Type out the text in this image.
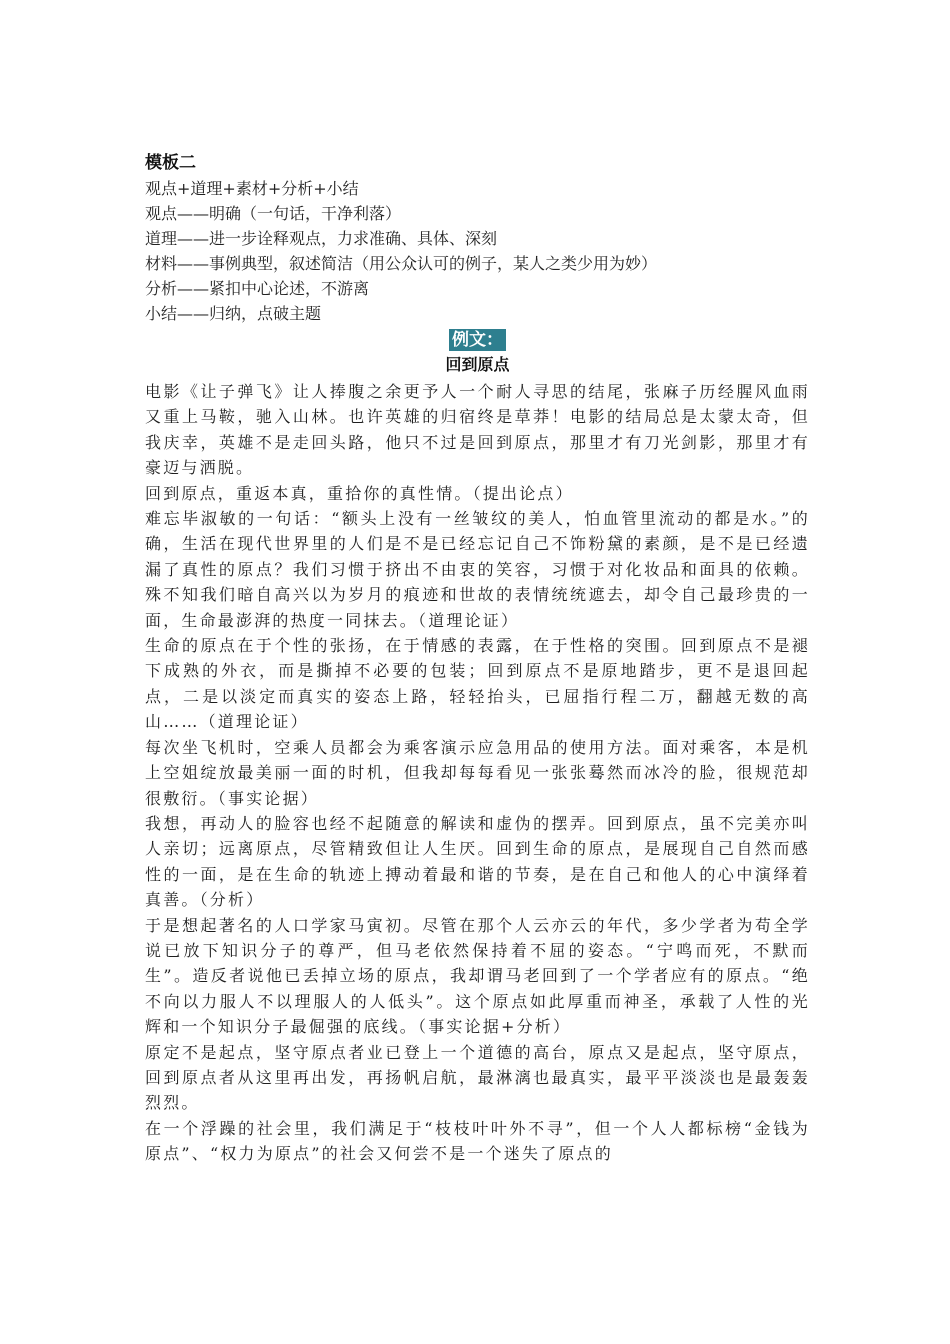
模板二

观点+道理+素材+分析+小结

观点——明确（一句话，干净利落）

道理——进一步诠释观点，力求准确、具体、深刻

材料——事例典型，叙述简洁（用公众认可的例子，某人之类少用为妙）

分析——紧扣中心论述，不游离

小结——归纳，点破主题

例文：

回到原点

电影《让子弹飞》让人捧腹之余更予人一个耐人寻思的结尾，张麻子历经腥风血雨又重上马鞍，驰入山林。也许英雄的归宿终是草莽！电影的结局总是太蒙太奇，但我庆幸，英雄不是走回头路，他只不过是回到原点，那里才有刀光剑影，那里才有豪迈与洒脱。

回到原点，重返本真，重拾你的真性情。（提出论点）

难忘毕淑敏的一句话：“额头上没有一丝皱纹的美人，怕血管里流动的都是水。”的确，生活在现代世界里的人们是不是已经忘记自己不饰粉黛的素颜，是不是已经遗漏了真性的原点？我们习惯于挤出不由衷的笑容，习惯于对化妆品和面具的依赖。殊不知我们暗自高兴以为岁月的痕迹和世故的表情统统遮去，却令自己最珍贵的一面，生命最澎湃的热度一同抹去。（道理论证）

生命的原点在于个性的张扬，在于情感的表露，在于性格的突围。回到原点不是褪下成熟的外衣，而是撕掉不必要的包装；回到原点不是原地踏步，更不是退回起点，二是以淡定而真实的姿态上路，轻轻抬头，已屈指行程二万，翻越无数的高山……（道理论证）

每次坐飞机时，空乘人员都会为乘客演示应急用品的使用方法。面对乘客，本是机上空姐绽放最美丽一面的时机，但我却每每看见一张张蓦然而冰冷的脸，很规范却很敷衍。（事实论据）

我想，再动人的脸容也经不起随意的解读和虚伪的摆弄。回到原点，虽不完美亦叫人亲切；远离原点，尽管精致但让人生厌。回到生命的原点，是展现自己自然而感性的一面，是在生命的轨迹上搏动着最和谐的节奏，是在自己和他人的心中演绎着真善。（分析）

于是想起著名的人口学家马寅初。尽管在那个人云亦云的年代，多少学者为苟全学说已放下知识分子的尊严，但马老依然保持着不屈的姿态。“宁鸣而死，不默而生”。造反者说他已丢掉立场的原点，我却谓马老回到了一个学者应有的原点。“绝不向以力服人不以理服人的人低头”。这个原点如此厚重而神圣，承载了人性的光辉和一个知识分子最倔强的底线。（事实论据+分析）

原定不是起点，坚守原点者业已登上一个道德的高台，原点又是起点，坚守原点，回到原点者从这里再出发，再扬帆启航，最淋漓也最真实，最平平淡淡也是最轰轰烈烈。

在一个浮躁的社会里，我们满足于“枝枝叶叶外不寻”，但一个人人都标榜“金钱为原点”、“权力为原点”的社会又何尝不是一个迷失了原点的
